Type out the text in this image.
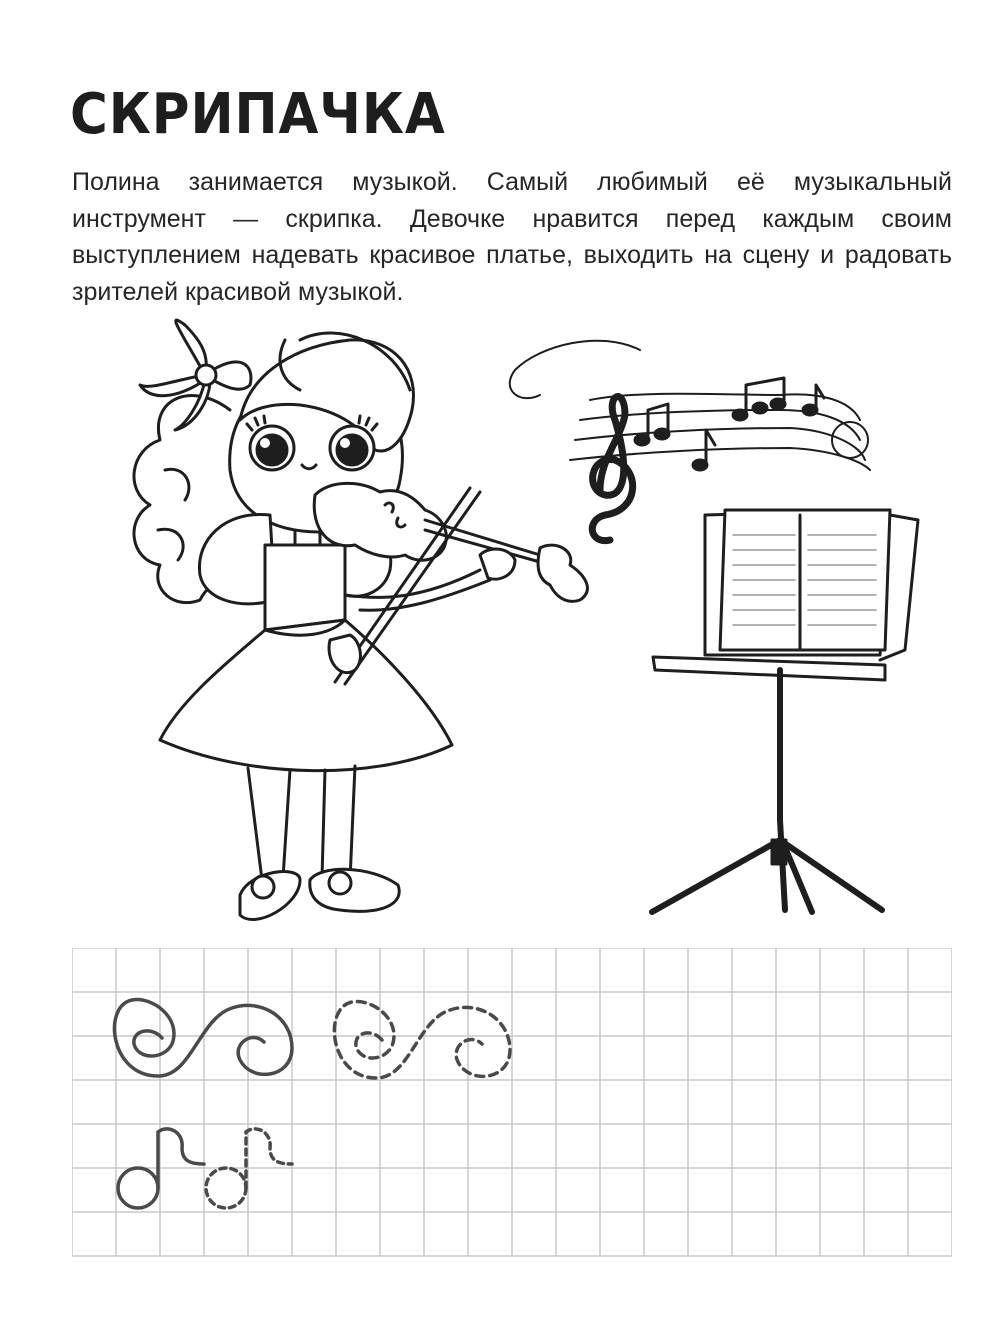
СКРИПАЧКА

Полина занимается музыкой. Самый любимый её музыкальный инструмент — скрипка. Девочке нравится перед каждым своим выступлением надевать красивое платье, выходить на сцену и радовать зрителей красивой музыкой.
